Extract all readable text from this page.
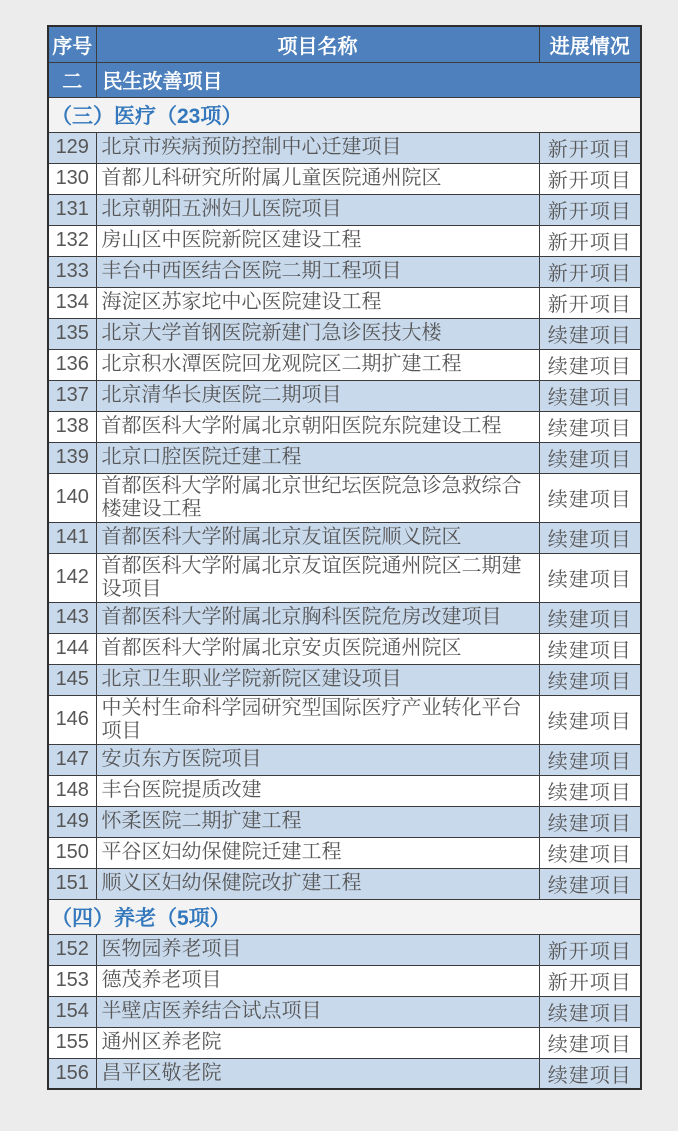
序号	项目名称	进展情况
二	民生改善项目	
（三）医疗（23项）		
129	北京市疾病预防控制中心迁建项目	新开项目
130	首都儿科研究所附属儿童医院通州院区	新开项目
131	北京朝阳五洲妇儿医院项目	新开项目
132	房山区中医院新院区建设工程	新开项目
133	丰台中西医结合医院二期工程项目	新开项目
134	海淀区苏家坨中心医院建设工程	新开项目
135	北京大学首钢医院新建门急诊医技大楼	续建项目
136	北京积水潭医院回龙观院区二期扩建工程	续建项目
137	北京清华长庚医院二期项目	续建项目
138	首都医科大学附属北京朝阳医院东院建设工程	续建项目
139	北京口腔医院迁建工程	续建项目
140	首都医科大学附属北京世纪坛医院急诊急救综合楼建设工程	续建项目
141	首都医科大学附属北京友谊医院顺义院区	续建项目
142	首都医科大学附属北京友谊医院通州院区二期建设项目	续建项目
143	首都医科大学附属北京胸科医院危房改建项目	续建项目
144	首都医科大学附属北京安贞医院通州院区	续建项目
145	北京卫生职业学院新院区建设项目	续建项目
146	中关村生命科学园研究型国际医疗产业转化平台项目	续建项目
147	安贞东方医院项目	续建项目
148	丰台医院提质改建	续建项目
149	怀柔医院二期扩建工程	续建项目
150	平谷区妇幼保健院迁建工程	续建项目
151	顺义区妇幼保健院改扩建工程	续建项目
（四）养老（5项）		
152	医物园养老项目	新开项目
153	德茂养老项目	新开项目
154	半壁店医养结合试点项目	续建项目
155	通州区养老院	续建项目
156	昌平区敬老院	续建项目
